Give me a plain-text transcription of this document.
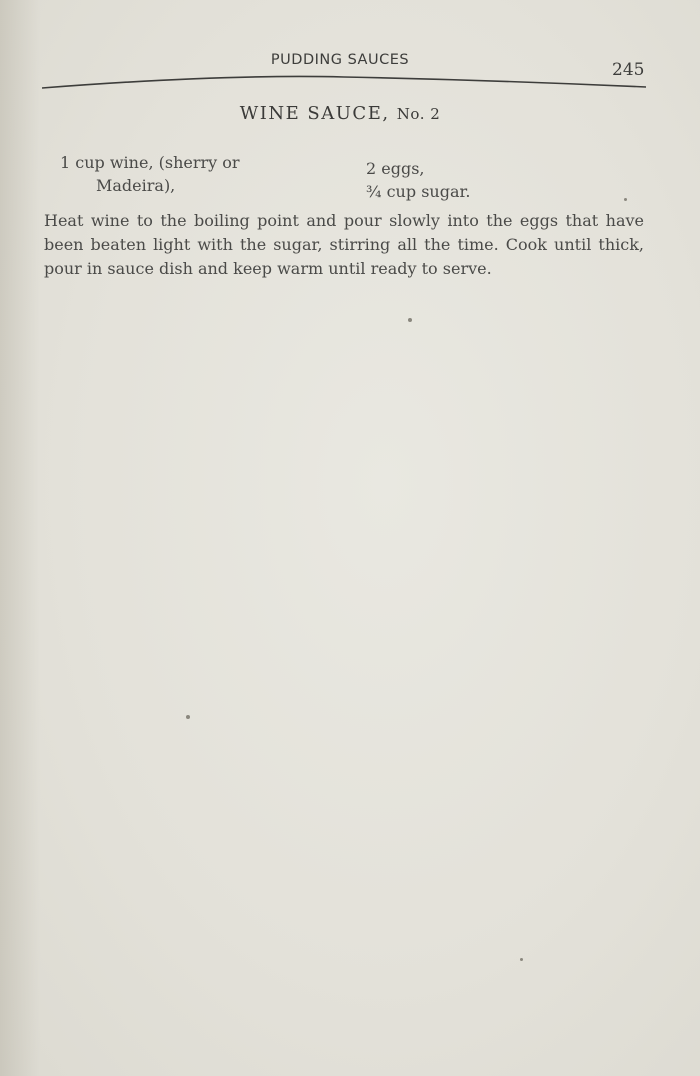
PUDDING SAUCES	245
WINE SAUCE, No. 2
1 cup wine, (sherry or
Madeira),
2 eggs,
¾ cup sugar.
Heat wine to the boiling point and pour slowly into the eggs that have been beaten light with the sugar, stirring all the time. Cook until thick, pour in sauce dish and keep warm until ready to serve.
